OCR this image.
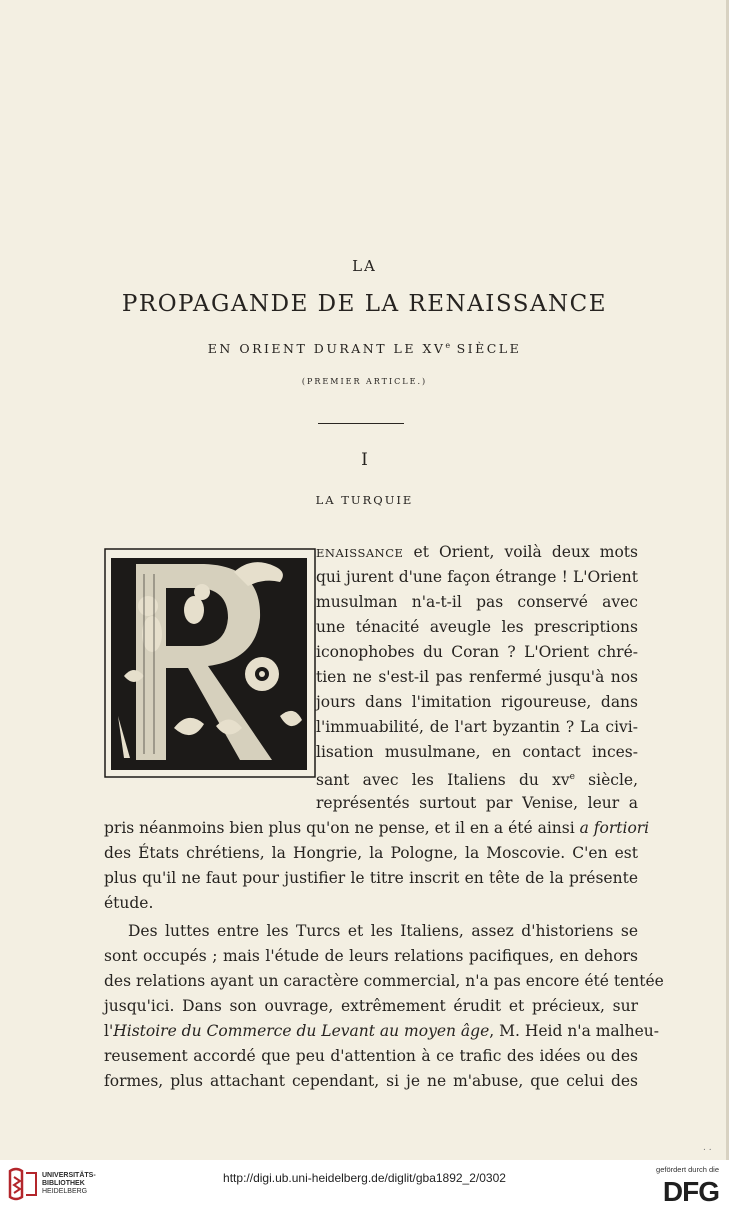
LA
PROPAGANDE DE LA RENAISSANCE
EN ORIENT DURANT LE XVe SIÈCLE
(PREMIER ARTICLE.)
I
LA TURQUIE
ENAISSANCE et Orient, voilà deux mots
qui jurent d'une façon étrange ! L'Orient
musulman n'a-t-il pas conservé avec
une ténacité aveugle les prescriptions
iconophobes du Coran ? L'Orient chré-
tien ne s'est-il pas renfermé jusqu'à nos
jours dans l'imitation rigoureuse, dans
l'immuabilité, de l'art byzantin ? La civi-
lisation musulmane, en contact inces-
sant avec les Italiens du $xv^e$ siècle,
représentés surtout par Venise, leur a
pris néanmoins bien plus qu'on ne pense, et il en a été ainsi a fortiori
des États chrétiens, la Hongrie, la Pologne, la Moscovie. C'en est
plus qu'il ne faut pour justifier le titre inscrit en tête de la présente
étude.
Des luttes entre les Turcs et les Italiens, assez d'historiens se
sont occupés ; mais l'étude de leurs relations pacifiques, en dehors
des relations ayant un caractère commercial, n'a pas encore été tentée
jusqu'ici. Dans son ouvrage, extrêmement érudit et précieux, sur
l'Histoire du Commerce du Levant au moyen âge, M. Heid n'a malheu-
reusement accordé que peu d'attention à ce trafic des idées ou des
formes, plus attachant cependant, si je ne m'abuse, que celui des
. .
UNIVERSITÄTS-
BIBLIOTHEK
HEIDELBERG
http://digi.ub.uni-heidelberg.de/diglit/gba1892_2/0302
gefördert durch die
DFG
